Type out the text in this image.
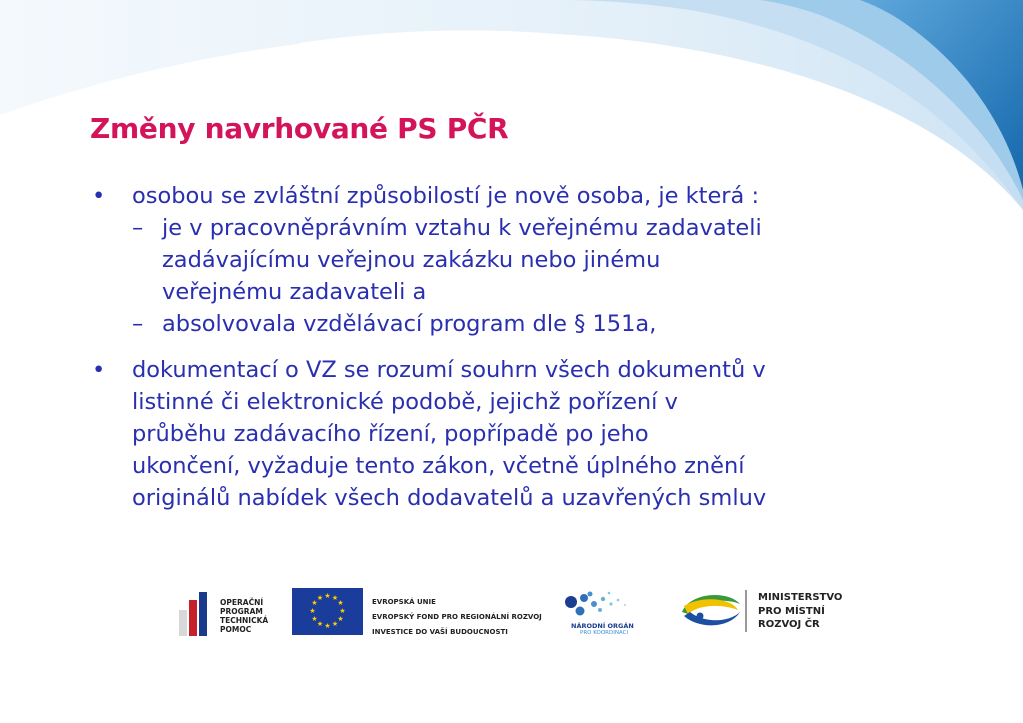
Změny navrhované PS PČR
• osobou se zvláštní způsobilostí je nově osoba, je která :
– je v pracovněprávním vztahu k veřejnému zadavateli
zadávajícímu veřejnou zakázku nebo jinému
veřejnému zadavateli a
– absolvovala vzdělávací program dle § 151a,
• dokumentací o VZ se rozumí souhrn všech dokumentů v
listinné či elektronické podobě, jejichž pořízení v
průběhu zadávacího řízení, popřípadě po jeho
ukončení, vyžaduje tento zákon, včetně úplného znění
originálů nabídek všech dodavatelů a uzavřených smluv
★ ★
★
★
★
★
★
★
★
★
★
★
OPERAČNÍ
PROGRAM
TECHNICKÁ
POMOC
EVROPSKÁ UNIE
EVROPSKÝ FOND PRO REGIONÁLNÍ ROZVOJ
INVESTICE DO VAŠÍ BUDOUCNOSTI
NÁRODNÍ ORGÁN
PRO KOORDINACI
MINISTERSTVO
PRO MÍSTNÍ
ROZVOJ ČR
